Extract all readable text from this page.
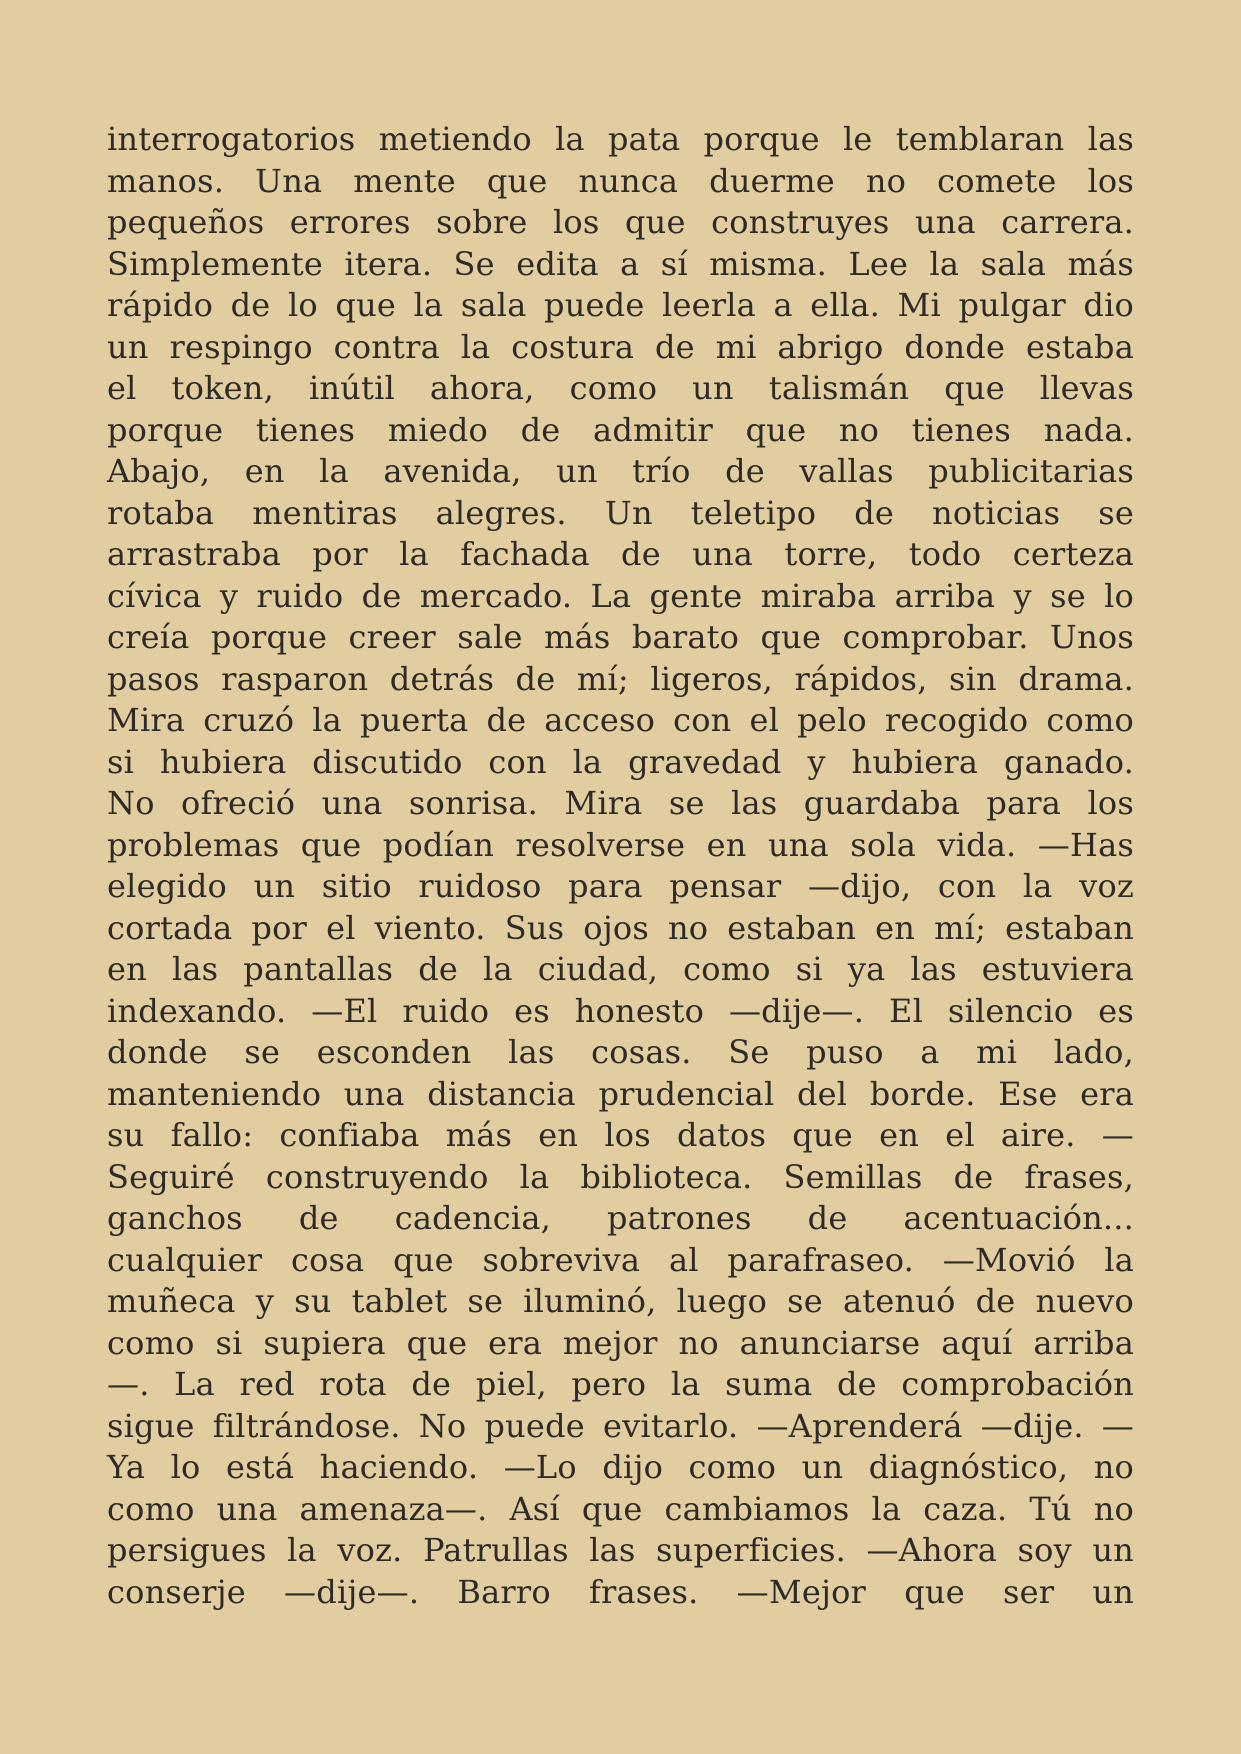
interrogatorios metiendo la pata porque le temblaran las
manos. Una mente que nunca duerme no comete los
pequeños errores sobre los que construyes una carrera.
Simplemente itera. Se edita a sí misma. Lee la sala más
rápido de lo que la sala puede leerla a ella. Mi pulgar dio
un respingo contra la costura de mi abrigo donde estaba
el token, inútil ahora, como un talismán que llevas
porque tienes miedo de admitir que no tienes nada.
Abajo, en la avenida, un trío de vallas publicitarias
rotaba mentiras alegres. Un teletipo de noticias se
arrastraba por la fachada de una torre, todo certeza
cívica y ruido de mercado. La gente miraba arriba y se lo
creía porque creer sale más barato que comprobar. Unos
pasos rasparon detrás de mí; ligeros, rápidos, sin drama.
Mira cruzó la puerta de acceso con el pelo recogido como
si hubiera discutido con la gravedad y hubiera ganado.
No ofreció una sonrisa. Mira se las guardaba para los
problemas que podían resolverse en una sola vida. —Has
elegido un sitio ruidoso para pensar —dijo, con la voz
cortada por el viento. Sus ojos no estaban en mí; estaban
en las pantallas de la ciudad, como si ya las estuviera
indexando. —El ruido es honesto —dije—. El silencio es
donde se esconden las cosas. Se puso a mi lado,
manteniendo una distancia prudencial del borde. Ese era
su fallo: confiaba más en los datos que en el aire. —
Seguiré construyendo la biblioteca. Semillas de frases,
ganchos de cadencia, patrones de acentuación...
cualquier cosa que sobreviva al parafraseo. —Movió la
muñeca y su tablet se iluminó, luego se atenuó de nuevo
como si supiera que era mejor no anunciarse aquí arriba
—. La red rota de piel, pero la suma de comprobación
sigue filtrándose. No puede evitarlo. —Aprenderá —dije. —
Ya lo está haciendo. —Lo dijo como un diagnóstico, no
como una amenaza—. Así que cambiamos la caza. Tú no
persigues la voz. Patrullas las superficies. —Ahora soy un
conserje —dije—. Barro frases. —Mejor que ser un
